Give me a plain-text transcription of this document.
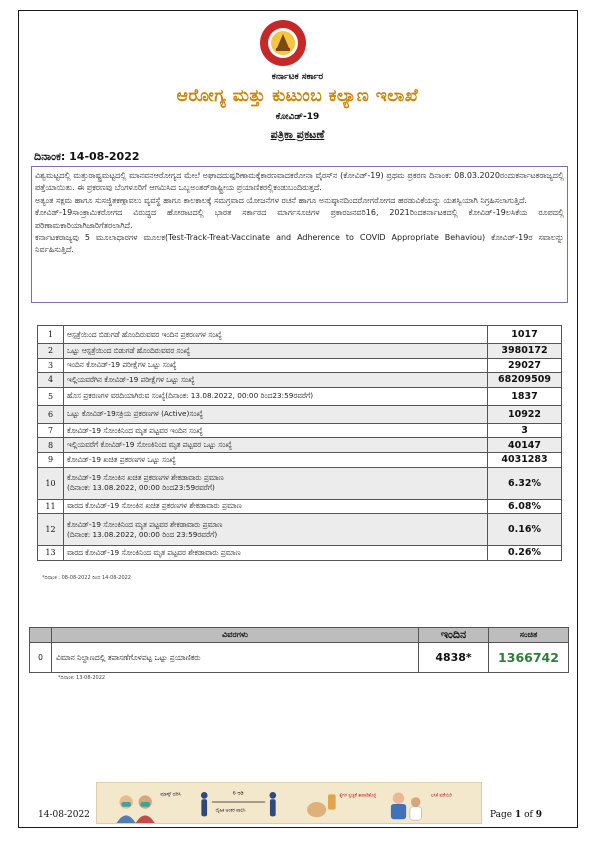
ಕರ್ನಾಟಕ ಸರ್ಕಾರ
ಆರೋಗ್ಯ ಮತ್ತು ಕುಟುಂಬ ಕಲ್ಯಾಣ ಇಲಾಖೆ
ಕೋವಿಡ್-19
ಪತ್ರಿಕಾ ಪ್ರಕಟಣೆ
ದಿನಾಂಕ: 14-08-2022

ವಿಶ್ವಮಟ್ಟದಲ್ಲಿ ಮತ್ತುರಾಷ್ಟ್ರಮಟ್ಟದಲ್ಲಿ ಮಾನವನಆರೋಗ್ಯದ ಮೇಲೆ ಅಘಾದದುಷ್ಪರಿಣಾಮಕ್ಕೆಕಾರಣವಾದಕರೋನಾ ವೈರಸ್‌ನ (ಕೋವಿಡ್-19) ಪ್ರಥಮ ಪ್ರಕರಣ ದಿನಾಂಕ: 08.03.2020ರಂದುಕರ್ನಾಟಕರಾಜ್ಯದಲ್ಲಿ ಪತ್ತೆಯಾಯಿತು. ಈ ಪ್ರಕರಣವು ಬೆಂಗಳೂರಿಗೆ ಆಗಮಿಸಿದ ಒಬ್ಬಅಂತರ್‌ರಾಷ್ಟ್ರೀಯ ಪ್ರಯಾಣಿಕರಲ್ಲಿಕಂಡುಬಂದಿರುತ್ತದೆ.

ಅತ್ಯಂತ ಸಕ್ಷಮ ಹಾಗೂ ಸುಸಜ್ಜಿತಕಣ್ಗಾವಲು ವ್ಯವಸ್ಥೆ ಹಾಗೂ ಕಾಲಕಾಲಕ್ಕೆ ಸಮಗ್ರವಾದ ಯೋಜನೆಗಳ ರಚನೆ ಹಾಗೂ ಅನುಷ್ಠಾನದಿಂದರೋಗರೋಗದ ಹರಡುವಿಕೆಯನ್ನು ಯಶಸ್ವಿಯಾಗಿ ನಿಗ್ರಹಿಸಲಾಗುತ್ತಿದೆ.

ಕೋವಿಡ್-19ಸಾಂಕ್ರಾಮಿಕರೋಗದ ವಿರುದ್ಧದ ಹೋರಾಟದಲ್ಲಿ ಭಾರತ ಸರ್ಕಾರದ ಮಾರ್ಗಸೂಚಿಗಳ ಪ್ರಕಾರಜನವರಿ16, 2021ರಿಂದಕರ್ನಾಟಕದಲ್ಲಿ ಕೋವಿಡ್-19ಲಸಿಕೆಯ ರೂಪದಲ್ಲಿ ಪರಿಣಾಮಕಾರಿಯಾಗಿಜಾರಿಗೆತರಲಾಗಿದೆ.

ಕರ್ನಾಟಕರಾಜ್ಯವು 5 ಮೂಲಾಧಾರಗಳ ಮೂಲಕ(Test-Track-Treat-Vaccinate and Adherence to COVID Appropriate Behaviou) ಕೋವಿಡ್-19ರ ಸವಾಲನ್ನು ನಿರ್ವಹಿಸುತ್ತಿದೆ.

1	ಆಸ್ಪತ್ರೆಯಿಂದ ಬಿಡುಗಡೆ ಹೊಂದಿರುವವರ ಇಂದಿನ ಪ್ರಕರಣಗಳ ಸಂಖ್ಯೆ	1017
2	ಒಟ್ಟು ಆಸ್ಪತ್ರೆಯಿಂದ ಬಿಡುಗಡೆ ಹೊಂದಿರುವವರ ಸಂಖ್ಯೆ	3980172
3	ಇಂದಿನ ಕೋವಿಡ್-19 ಪರೀಕ್ಷೆಗಳ ಒಟ್ಟು ಸಂಖ್ಯೆ	29027
4	ಇಲ್ಲಿಯವರೆಗಿನ ಕೋವಿಡ್-19 ಪರೀಕ್ಷೆಗಳ ಒಟ್ಟು ಸಂಖ್ಯೆ	68209509
5	ಹೊಸ ಪ್ರಕರಣಗಳ ವರದಿಯಾಗಿರುವ ಸಂಖ್ಯೆ(ದಿನಾಂಕ: 13.08.2022, 00:00 ರಿಂದ23:59ರವರೆಗೆ)	1837
6	ಒಟ್ಟು ಕೋವಿಡ್-19ಸಕ್ರಿಯ ಪ್ರಕರಣಗಳ (Active)ಸಂಖ್ಯೆ	10922
7	ಕೋವಿಡ್-19 ಸೋಂಕಿನಿಂದ ಮೃತ ಪಟ್ಟವರ ಇಂದಿನ ಸಂಖ್ಯೆ	3
8	ಇಲ್ಲಿಯವರೆಗೆ ಕೋವಿಡ್-19 ಸೋಂಕಿನಿಂದ ಮೃತ ಪಟ್ಟವರ ಒಟ್ಟು ಸಂಖ್ಯೆ	40147
9	ಕೋವಿಡ್-19 ಖಚಿತ ಪ್ರಕರಣಗಳ ಒಟ್ಟು ಸಂಖ್ಯೆ	4031283
10	ಕೋವಿಡ್-19 ಸೋಂಕಿನ ಖಚಿತ ಪ್ರಕರಣಗಳ ಶೇಕಡಾವಾರು ಪ್ರಮಾಣ
(ದಿನಾಂಕ: 13.08.2022, 00:00 ರಿಂದ23:59ರವರೆಗೆ)	6.32%
11	ವಾರದ ಕೋವಿಡ್-19 ಸೋಂಕಿನ ಖಚಿತ ಪ್ರಕರಣಗಳ ಶೇಕಡಾವಾರು ಪ್ರಮಾಣ	6.08%
12	ಕೋವಿಡ್-19 ಸೋಂಕಿನಿಂದ ಮೃತ ಪಟ್ಟವರ ಶೇಕಡಾವಾರು ಪ್ರಮಾಣ
(ದಿನಾಂಕ: 13.08.2022, 00:00 ರಿಂದ 23:59ರವರೆಗೆ)	0.16%
13	ವಾರದ ಕೋವಿಡ್-19 ಸೋಂಕಿನಿಂದ ಮೃತ ಪಟ್ಟವರ ಶೇಕಡಾವಾರು ಪ್ರಮಾಣ	0.26%
*ದಿನಾಂಕ : 08-08-2022 ರಿಂದ 14-08-2022
	ವಿವರಗಳು	ಇಂದಿನ	ಸಂಚಿತ
0	ವಿಮಾನ ನಿಲ್ದಾಣದಲ್ಲಿ ತಪಾಸಣೆಗೊಳಪಟ್ಟ ಒಟ್ಟು ಪ್ರಯಾಣಿಕರು	4838*	1366742
*ದಿನಾಂಕ: 13-08-2022
ಮಾಸ್ಕ್ ಧರಿಸಿ	6 ಅಡಿ
ದೈಹಿಕ ಅಂತರ ಪಾಲಿಸಿ
ಕೈಗಳ ಸ್ವಚ್ಛತೆ ಕಾಪಾಡಿಕೊಳ್ಳಿ	ಲಸಿಕೆ ಪಡೆಯಿರಿ
14-08-2022	Page 1 of 9
